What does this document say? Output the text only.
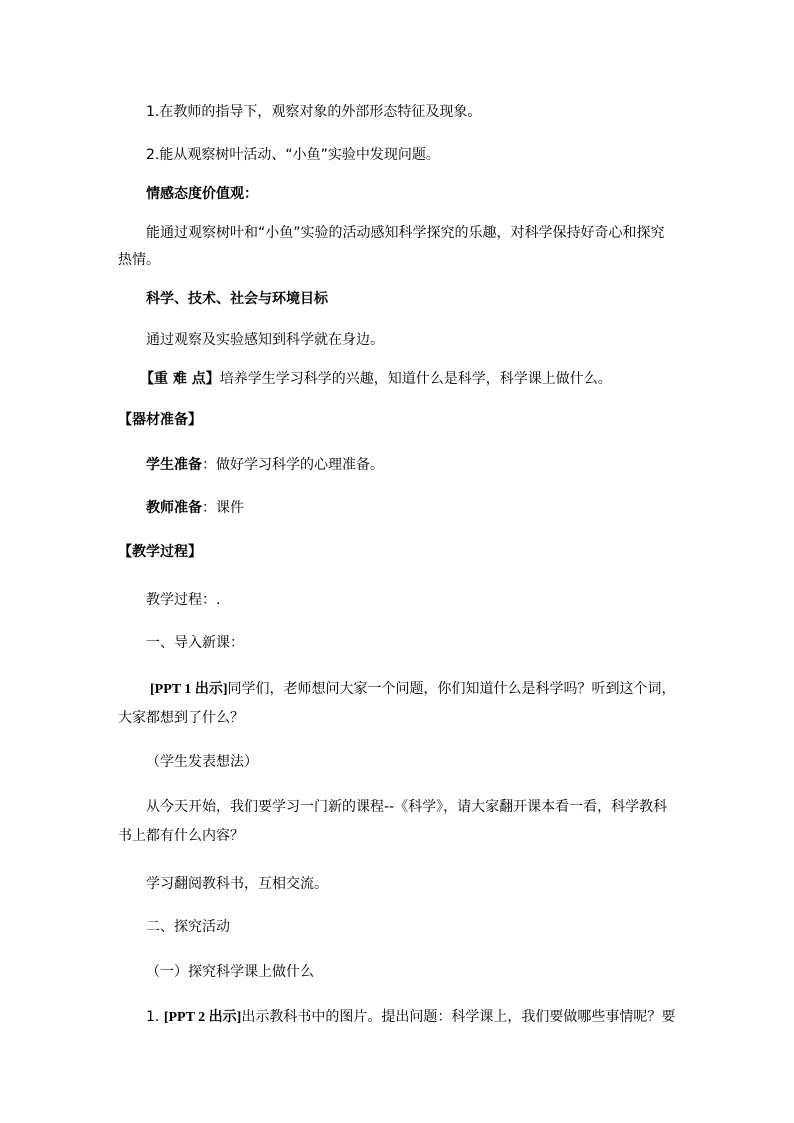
1.在教师的指导下，观察对象的外部形态特征及现象。
2.能从观察树叶活动、“小鱼”实验中发现问题。
情感态度价值观：
能通过观察树叶和“小鱼”实验的活动感知科学探究的乐趣，对科学保持好奇心和探究
热情。
科学、技术、社会与环境目标
通过观察及实验感知到科学就在身边。
【重 难 点】培养学生学习科学的兴趣，知道什么是科学，科学课上做什么。
【器材准备】
学生准备：做好学习科学的心理准备。
教师准备：课件
【教学过程】
教学过程：.
一、导入新课：
[PPT 1 出示]同学们，老师想问大家一个问题，你们知道什么是科学吗？听到这个词，
大家都想到了什么？
（学生发表想法）
从今天开始，我们要学习一门新的课程--《科学》，请大家翻开课本看一看，科学教科
书上都有什么内容？
学习翻阅教科书，互相交流。
二、探究活动
（一）探究科学课上做什么
1. [PPT 2 出示]出示教科书中的图片。提出问题：科学课上，我们要做哪些事情呢？要
